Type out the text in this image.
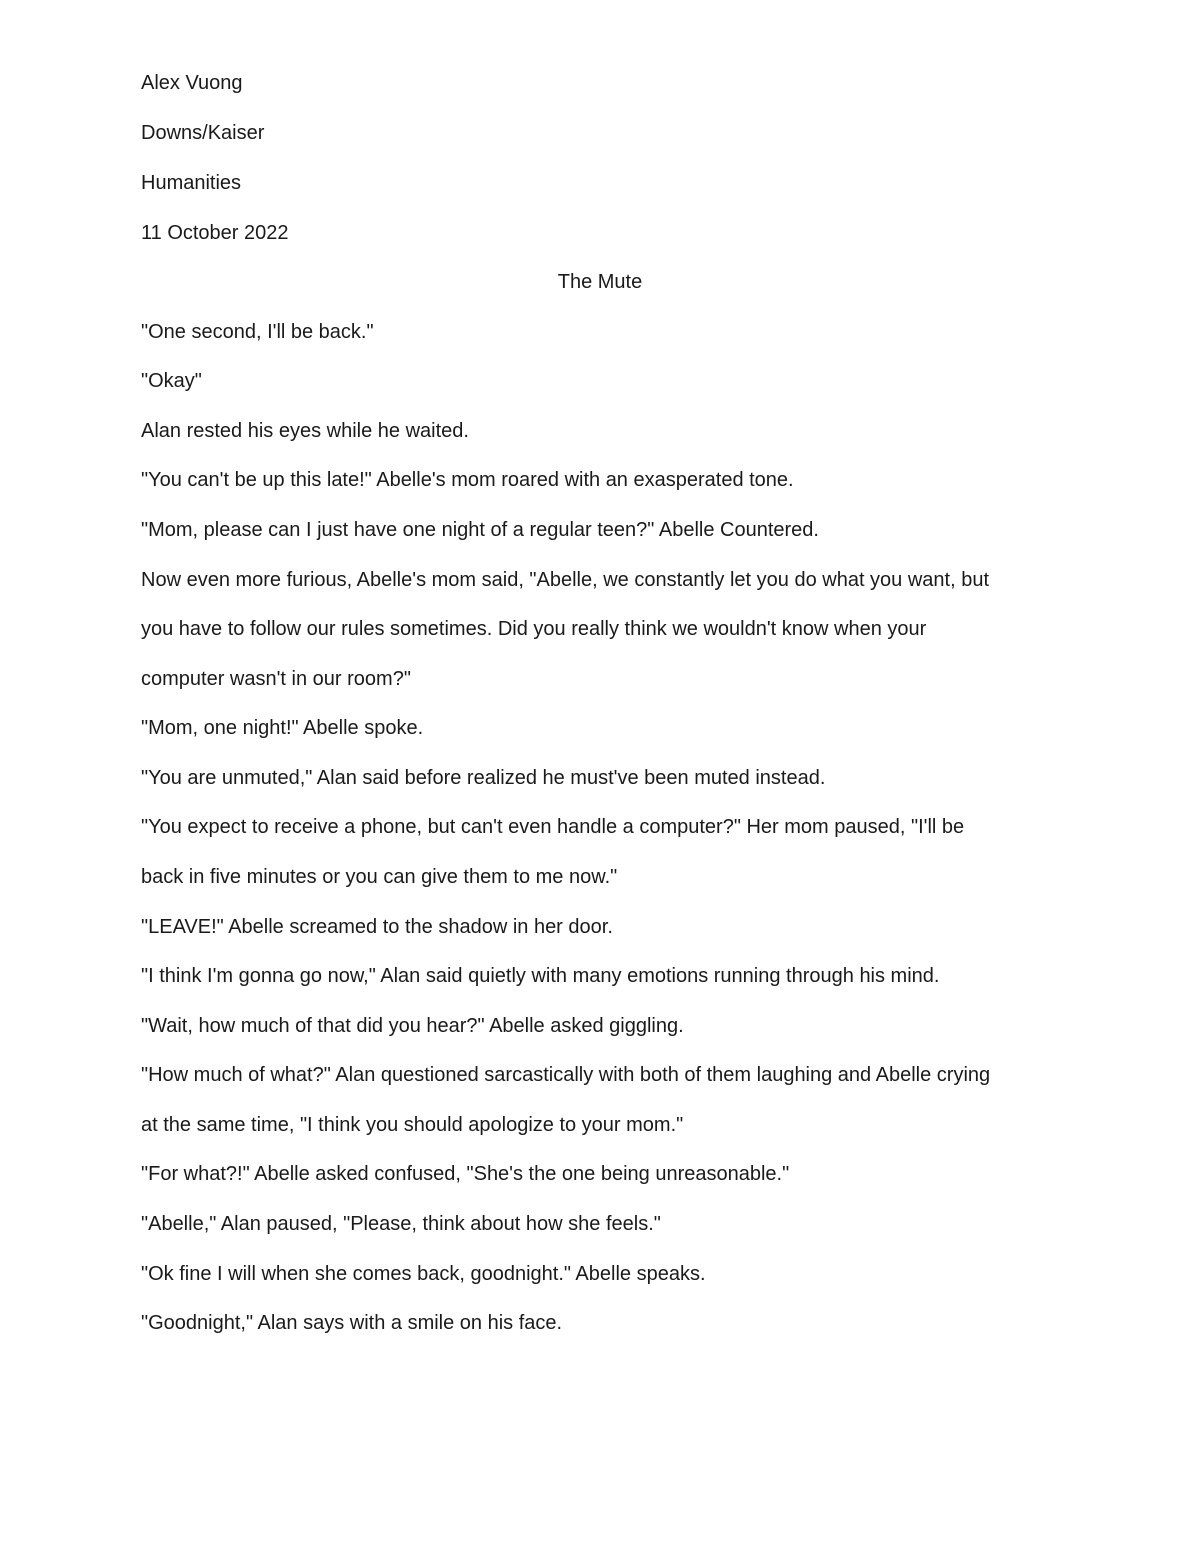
Alex Vuong

Downs/Kaiser

Humanities

11 October 2022

The Mute

"One second, I'll be back."

"Okay"

Alan rested his eyes while he waited.

"You can't be up this late!" Abelle's mom roared with an exasperated tone.

"Mom, please can I just have one night of a regular teen?" Abelle Countered.

Now even more furious, Abelle's mom said, "Abelle, we constantly let you do what you want, but

you have to follow our rules sometimes. Did you really think we wouldn't know when your

computer wasn't in our room?"

"Mom, one night!" Abelle spoke.

"You are unmuted," Alan said before realized he must've been muted instead.

"You expect to receive a phone, but can't even handle a computer?" Her mom paused, "I'll be

back in five minutes or you can give them to me now."

"LEAVE!" Abelle screamed to the shadow in her door.

"I think I'm gonna go now," Alan said quietly with many emotions running through his mind.

"Wait, how much of that did you hear?" Abelle asked giggling.

"How much of what?" Alan questioned sarcastically with both of them laughing and Abelle crying

at the same time, "I think you should apologize to your mom."

"For what?!" Abelle asked confused, "She's the one being unreasonable."

"Abelle," Alan paused, "Please, think about how she feels."

"Ok fine I will when she comes back, goodnight." Abelle speaks.

"Goodnight," Alan says with a smile on his face.
